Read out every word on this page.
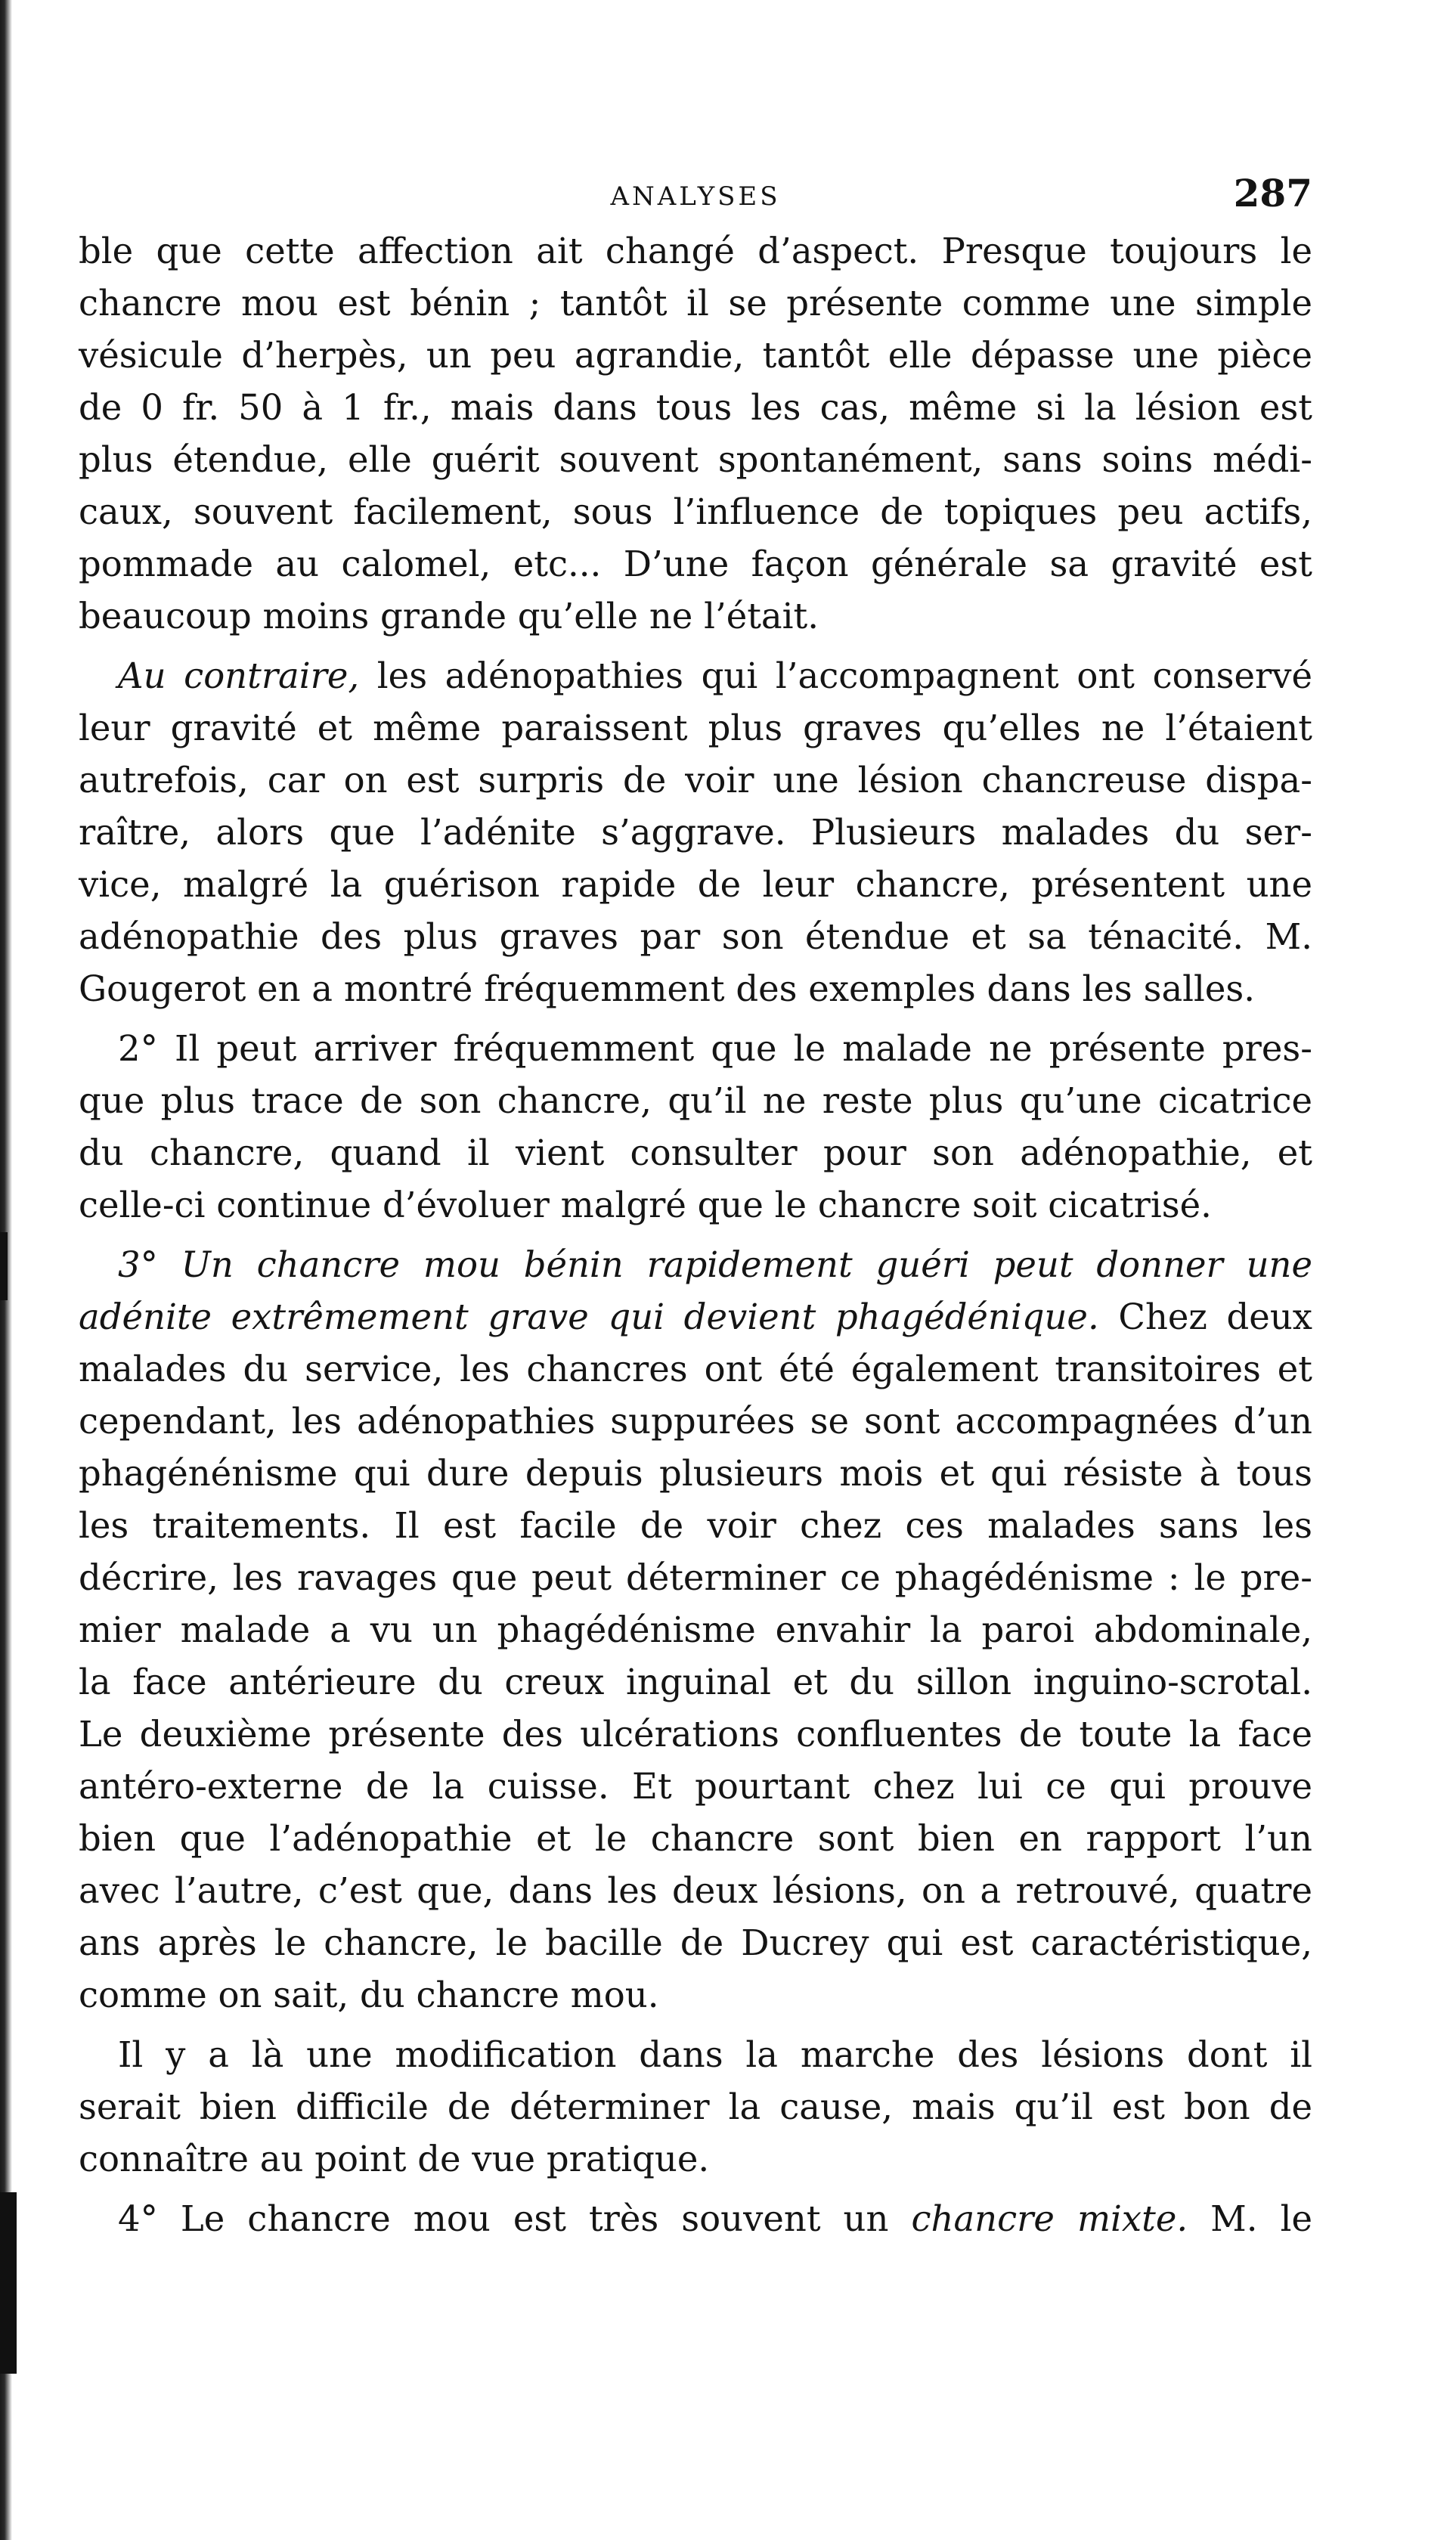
ANALYSES	287

ble que cette affection ait changé d’aspect. Presque toujours le

chancre mou est bénin ; tantôt il se présente comme une simple

vésicule d’herpès, un peu agrandie, tantôt elle dépasse une pièce

de 0 fr. 50 à 1 fr., mais dans tous les cas, même si la lésion est

plus étendue, elle guérit souvent spontanément, sans soins médi-

caux, souvent facilement, sous l’influence de topiques peu actifs,

pommade au calomel, etc... D’une façon générale sa gravité est

beaucoup moins grande qu’elle ne l’était.

Au contraire, les adénopathies qui l’accompagnent ont conservé

leur gravité et même paraissent plus graves qu’elles ne l’étaient

autrefois, car on est surpris de voir une lésion chancreuse dispa-

raître, alors que l’adénite s’aggrave. Plusieurs malades du ser-

vice, malgré la guérison rapide de leur chancre, présentent une

adénopathie des plus graves par son étendue et sa ténacité. M.

Gougerot en a montré fréquemment des exemples dans les salles.

2° Il peut arriver fréquemment que le malade ne présente pres-

que plus trace de son chancre, qu’il ne reste plus qu’une cicatrice

du chancre, quand il vient consulter pour son adénopathie, et

celle-ci continue d’évoluer malgré que le chancre soit cicatrisé.

3° Un chancre mou bénin rapidement guéri peut donner une

adénite extrêmement grave qui devient phagédénique. Chez deux

malades du service, les chancres ont été également transitoires et

cependant, les adénopathies suppurées se sont accompagnées d’un

phagénénisme qui dure depuis plusieurs mois et qui résiste à tous

les traitements. Il est facile de voir chez ces malades sans les

décrire, les ravages que peut déterminer ce phagédénisme : le pre-

mier malade a vu un phagédénisme envahir la paroi abdominale,

la face antérieure du creux inguinal et du sillon inguino-scrotal.

Le deuxième présente des ulcérations confluentes de toute la face

antéro-externe de la cuisse. Et pourtant chez lui ce qui prouve

bien que l’adénopathie et le chancre sont bien en rapport l’un

avec l’autre, c’est que, dans les deux lésions, on a retrouvé, quatre

ans après le chancre, le bacille de Ducrey qui est caractéristique,

comme on sait, du chancre mou.

Il y a là une modification dans la marche des lésions dont il

serait bien difficile de déterminer la cause, mais qu’il est bon de

connaître au point de vue pratique.

4° Le chancre mou est très souvent un chancre mixte. M. le
